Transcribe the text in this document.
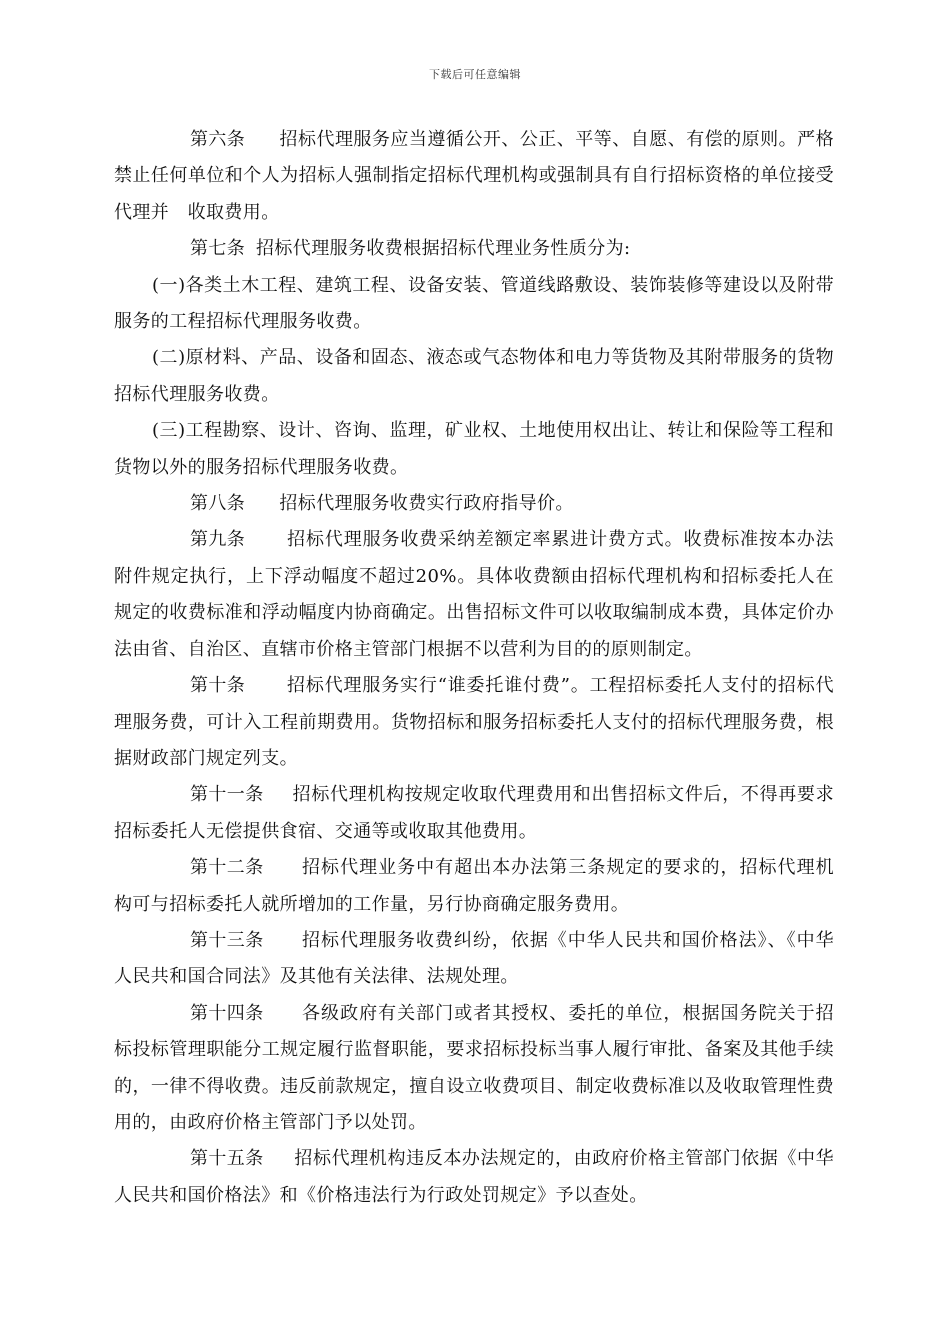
下载后可任意编辑

第六条 招标代理服务应当遵循公开、公正、平等、自愿、有偿的原则。严格禁止任何单位和个人为招标人强制指定招标代理机构或强制具有自行招标资格的单位接受代理并　收取费用。

第七条 招标代理服务收费根据招标代理业务性质分为:

(一)各类土木工程、建筑工程、设备安装、管道线路敷设、装饰装修等建设以及附带服务的工程招标代理服务收费。

(二)原材料、产品、设备和固态、液态或气态物体和电力等货物及其附带服务的货物招标代理服务收费。

(三)工程勘察、设计、咨询、监理，矿业权、土地使用权出让、转让和保险等工程和货物以外的服务招标代理服务收费。

第八条 招标代理服务收费实行政府指导价。

第九条 招标代理服务收费采纳差额定率累进计费方式。收费标准按本办法附件规定执行，上下浮动幅度不超过20%。具体收费额由招标代理机构和招标委托人在规定的收费标准和浮动幅度内协商确定。出售招标文件可以收取编制成本费，具体定价办法由省、自治区、直辖市价格主管部门根据不以营利为目的的原则制定。

第十条 招标代理服务实行“谁委托谁付费”。工程招标委托人支付的招标代理服务费，可计入工程前期费用。货物招标和服务招标委托人支付的招标代理服务费，根据财政部门规定列支。

第十一条 招标代理机构按规定收取代理费用和出售招标文件后，不得再要求招标委托人无偿提供食宿、交通等或收取其他费用。

第十二条 招标代理业务中有超出本办法第三条规定的要求的，招标代理机构可与招标委托人就所增加的工作量，另行协商确定服务费用。

第十三条 招标代理服务收费纠纷，依据《中华人民共和国价格法》、《中华人民共和国合同法》及其他有关法律、法规处理。

第十四条 各级政府有关部门或者其授权、委托的单位，根据国务院关于招标投标管理职能分工规定履行监督职能，要求招标投标当事人履行审批、备案及其他手续的，一律不得收费。违反前款规定，擅自设立收费项目、制定收费标准以及收取管理性费用的，由政府价格主管部门予以处罚。

第十五条 招标代理机构违反本办法规定的，由政府价格主管部门依据《中华人民共和国价格法》和《价格违法行为行政处罚规定》予以查处。
